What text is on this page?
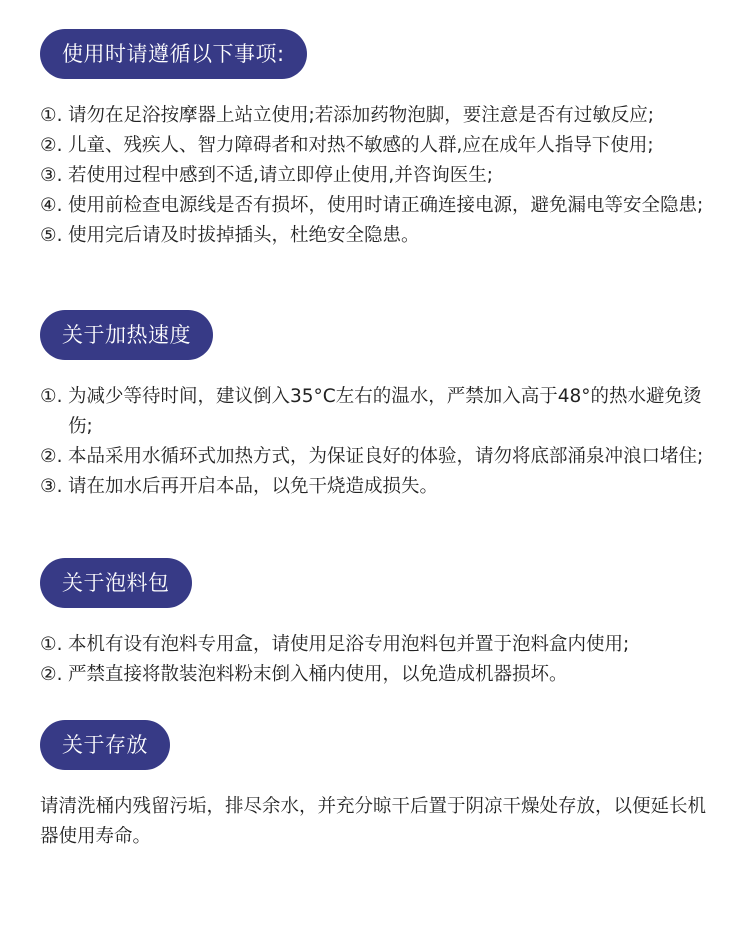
使用时请遵循以下事项:
①. 请勿在足浴按摩器上站立使用;若添加药物泡脚，要注意是否有过敏反应;
②. 儿童、残疾人、智力障碍者和对热不敏感的人群,应在成年人指导下使用;
③. 若使用过程中感到不适,请立即停止使用,并咨询医生;
④. 使用前检查电源线是否有损坏，使用时请正确连接电源，避免漏电等安全隐患;
⑤. 使用完后请及时拔掉插头，杜绝安全隐患。
关于加热速度
①. 为减少等待时间，建议倒入35°C左右的温水，严禁加入高于48°的热水避免烫伤;
②. 本品采用水循环式加热方式，为保证良好的体验，请勿将底部涌泉冲浪口堵住;
③. 请在加水后再开启本品，以免干烧造成损失。
关于泡料包
①. 本机有设有泡料专用盒，请使用足浴专用泡料包并置于泡料盒内使用;
②. 严禁直接将散装泡料粉末倒入桶内使用，以免造成机器损坏。
关于存放
请清洗桶内残留污垢，排尽余水，并充分晾干后置于阴凉干燥处存放，以便延长机器使用寿命。
